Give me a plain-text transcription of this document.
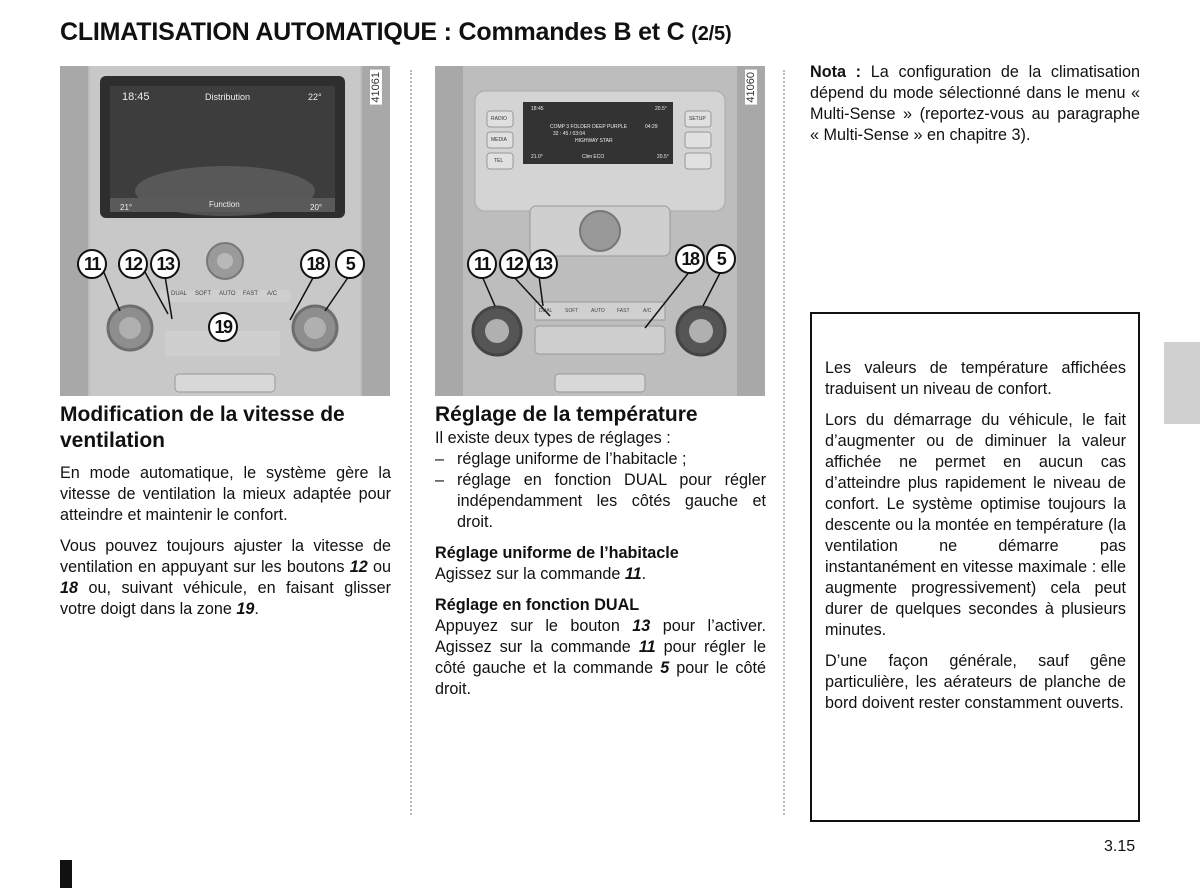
CLIMATISATION AUTOMATIQUE : Commandes B et C (2/5)
18:45	Distribution	22°
21°	Function	20°
DUAL SOFT AUTO FAST A/C
11	12 13	18	5
19
41061
18:45	20.5°
COMP 3 FOLDER DEEP PURPLE	04:29
32 : 45 / 03:04
HIGHWAY STAR
21.0°	Clim ECO	20.5°
RADIO
MEDIA
TEL
SETUP
DUAL	SOFT	AUTO FAST	A/C
11 12 13	18	5
41060
Modification de la vitesse de ventilation

En mode automatique, le système gère la vitesse de ventilation la mieux adaptée pour atteindre et maintenir le confort.

Vous pouvez toujours ajuster la vitesse de ventilation en appuyant sur les boutons 12 ou 18 ou, suivant véhicule, en faisant glisser votre doigt dans la zone 19.

Réglage de la température

Il existe deux types de réglages :

– réglage uniforme de l’habitacle ;

– réglage en fonction DUAL pour régler indépendamment les côtés gauche et droit.

Réglage uniforme de l’habitacle

Agissez sur la commande 11.

Réglage en fonction DUAL

Appuyez sur le bouton 13 pour l’activer. Agissez sur la commande 11 pour régler le côté gauche et la commande 5 pour le côté droit.

Nota : La configuration de la climatisation dépend du mode sélectionné dans le menu « Multi-Sense » (reportez-vous au paragraphe « Multi-Sense » en chapitre 3).

Les valeurs de température affichées traduisent un niveau de confort.

Lors du démarrage du véhicule, le fait d’augmenter ou de diminuer la valeur affichée ne permet en aucun cas d’atteindre plus rapidement le niveau de confort. Le système optimise toujours la descente ou la montée en température (la ventilation ne démarre pas instantanément en vitesse maximale : elle augmente progressivement) cela peut durer de quelques secondes à plusieurs minutes.

D’une façon générale, sauf gêne particulière, les aérateurs de planche de bord doivent rester constamment ouverts.

3.15
